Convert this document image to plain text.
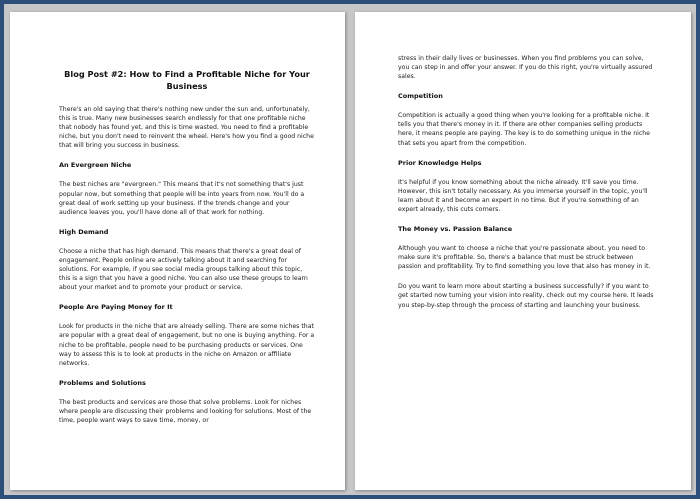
Blog Post #2: How to Find a Profitable Niche for Your Business

There's an old saying that there's nothing new under the sun and, unfortunately, this is true. Many new businesses search endlessly for that one profitable niche that nobody has found yet, and this is time wasted. You need to find a profitable niche, but you don't need to reinvent the wheel. Here's how you find a good niche that will bring you success in business.

An Evergreen Niche

The best niches are "evergreen." This means that it's not something that's just popular now, but something that people will be into years from now. You'll do a great deal of work setting up your business. If the trends change and your audience leaves you, you'll have done all of that work for nothing.

High Demand

Choose a niche that has high demand. This means that there's a great deal of engagement. People online are actively talking about it and searching for solutions. For example, if you see social media groups talking about this topic, this is a sign that you have a good niche. You can also use these groups to learn about your market and to promote your product or service.

People Are Paying Money for It

Look for products in the niche that are already selling. There are some niches that are popular with a great deal of engagement, but no one is buying anything. For a niche to be profitable, people need to be purchasing products or services. One way to assess this is to look at products in the niche on Amazon or affiliate networks.

Problems and Solutions

The best products and services are those that solve problems. Look for niches where people are discussing their problems and looking for solutions. Most of the time, people want ways to save time, money, or

stress in their daily lives or businesses. When you find problems you can solve, you can step in and offer your answer. If you do this right, you're virtually assured sales.

Competition

Competition is actually a good thing when you're looking for a profitable niche. It tells you that there's money in it. If there are other companies selling products here, it means people are paying. The key is to do something unique in the niche that sets you apart from the competition.

Prior Knowledge Helps

It's helpful if you know something about the niche already. It'll save you time. However, this isn't totally necessary. As you immerse yourself in the topic, you'll learn about it and become an expert in no time. But if you're something of an expert already, this cuts corners.

The Money vs. Passion Balance

Although you want to choose a niche that you're passionate about, you need to make sure it's profitable. So, there's a balance that must be struck between passion and profitability. Try to find something you love that also has money in it.

Do you want to learn more about starting a business successfully? If you want to get started now turning your vision into reality, check out my course here. It leads you step-by-step through the process of starting and launching your business.
